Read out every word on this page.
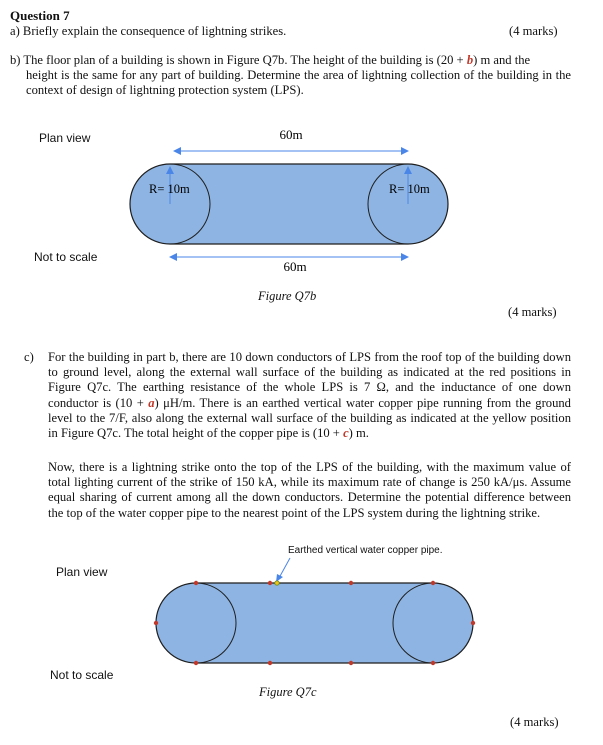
Question 7
a) Briefly explain the consequence of lightning strikes.	(4 marks)
b) The floor plan of a building is shown in Figure Q7b. The height of the building is (20 + b) m and the
height is the same for any part of building. Determine the area of lightning collection of the building in the context of design of lightning protection system (LPS).
Plan view
Not to scale
60m
R= 10m	R= 10m
60m
Figure Q7b
(4 marks)
c) For the building in part b, there are 10 down conductors of LPS from the roof top of the building down to ground level, along the external wall surface of the building as indicated at the red positions in Figure Q7c. The earthing resistance of the whole LPS is 7 Ω, and the inductance of one down conductor is (10 + a) μH/m. There is an earthed vertical water copper pipe running from the ground level to the 7/F, also along the external wall surface of the building as indicated at the yellow position in Figure Q7c. The total height of the copper pipe is (10 + c) m.
Now, there is a lightning strike onto the top of the LPS of the building, with the maximum value of total lighting current of the strike of 150 kA, while its maximum rate of change is 250 kA/μs. Assume equal sharing of current among all the down conductors. Determine the potential difference between the top of the water copper pipe to the nearest point of the LPS system during the lightning strike.
Earthed vertical water copper pipe.
Plan view
Not to scale
Figure Q7c
(4 marks)
